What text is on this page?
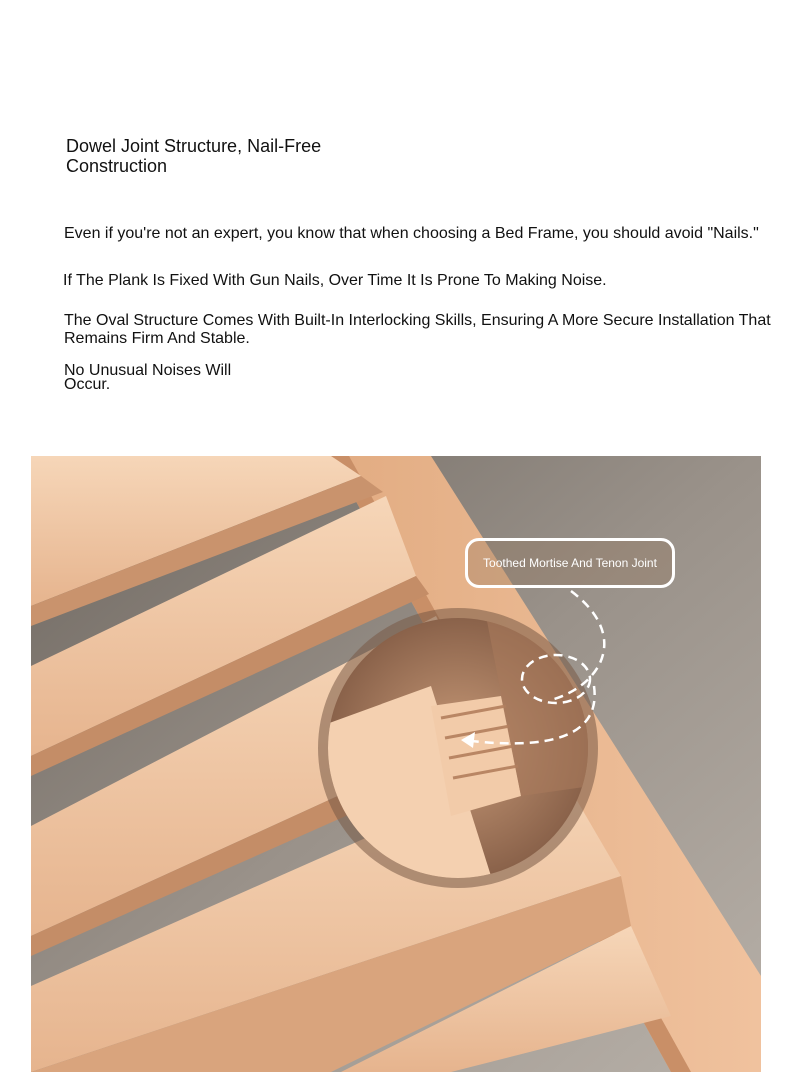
Dowel Joint Structure, Nail-Free Construction

Even if you're not an expert, you know that when choosing a Bed Frame, you should avoid "Nails."

If The Plank Is Fixed With Gun Nails, Over Time It Is Prone To Making Noise.

The Oval Structure Comes With Built-In Interlocking Skills, Ensuring A More Secure Installation That Remains Firm And Stable.

No Unusual Noises Will Occur.

Toothed Mortise And Tenon Joint
